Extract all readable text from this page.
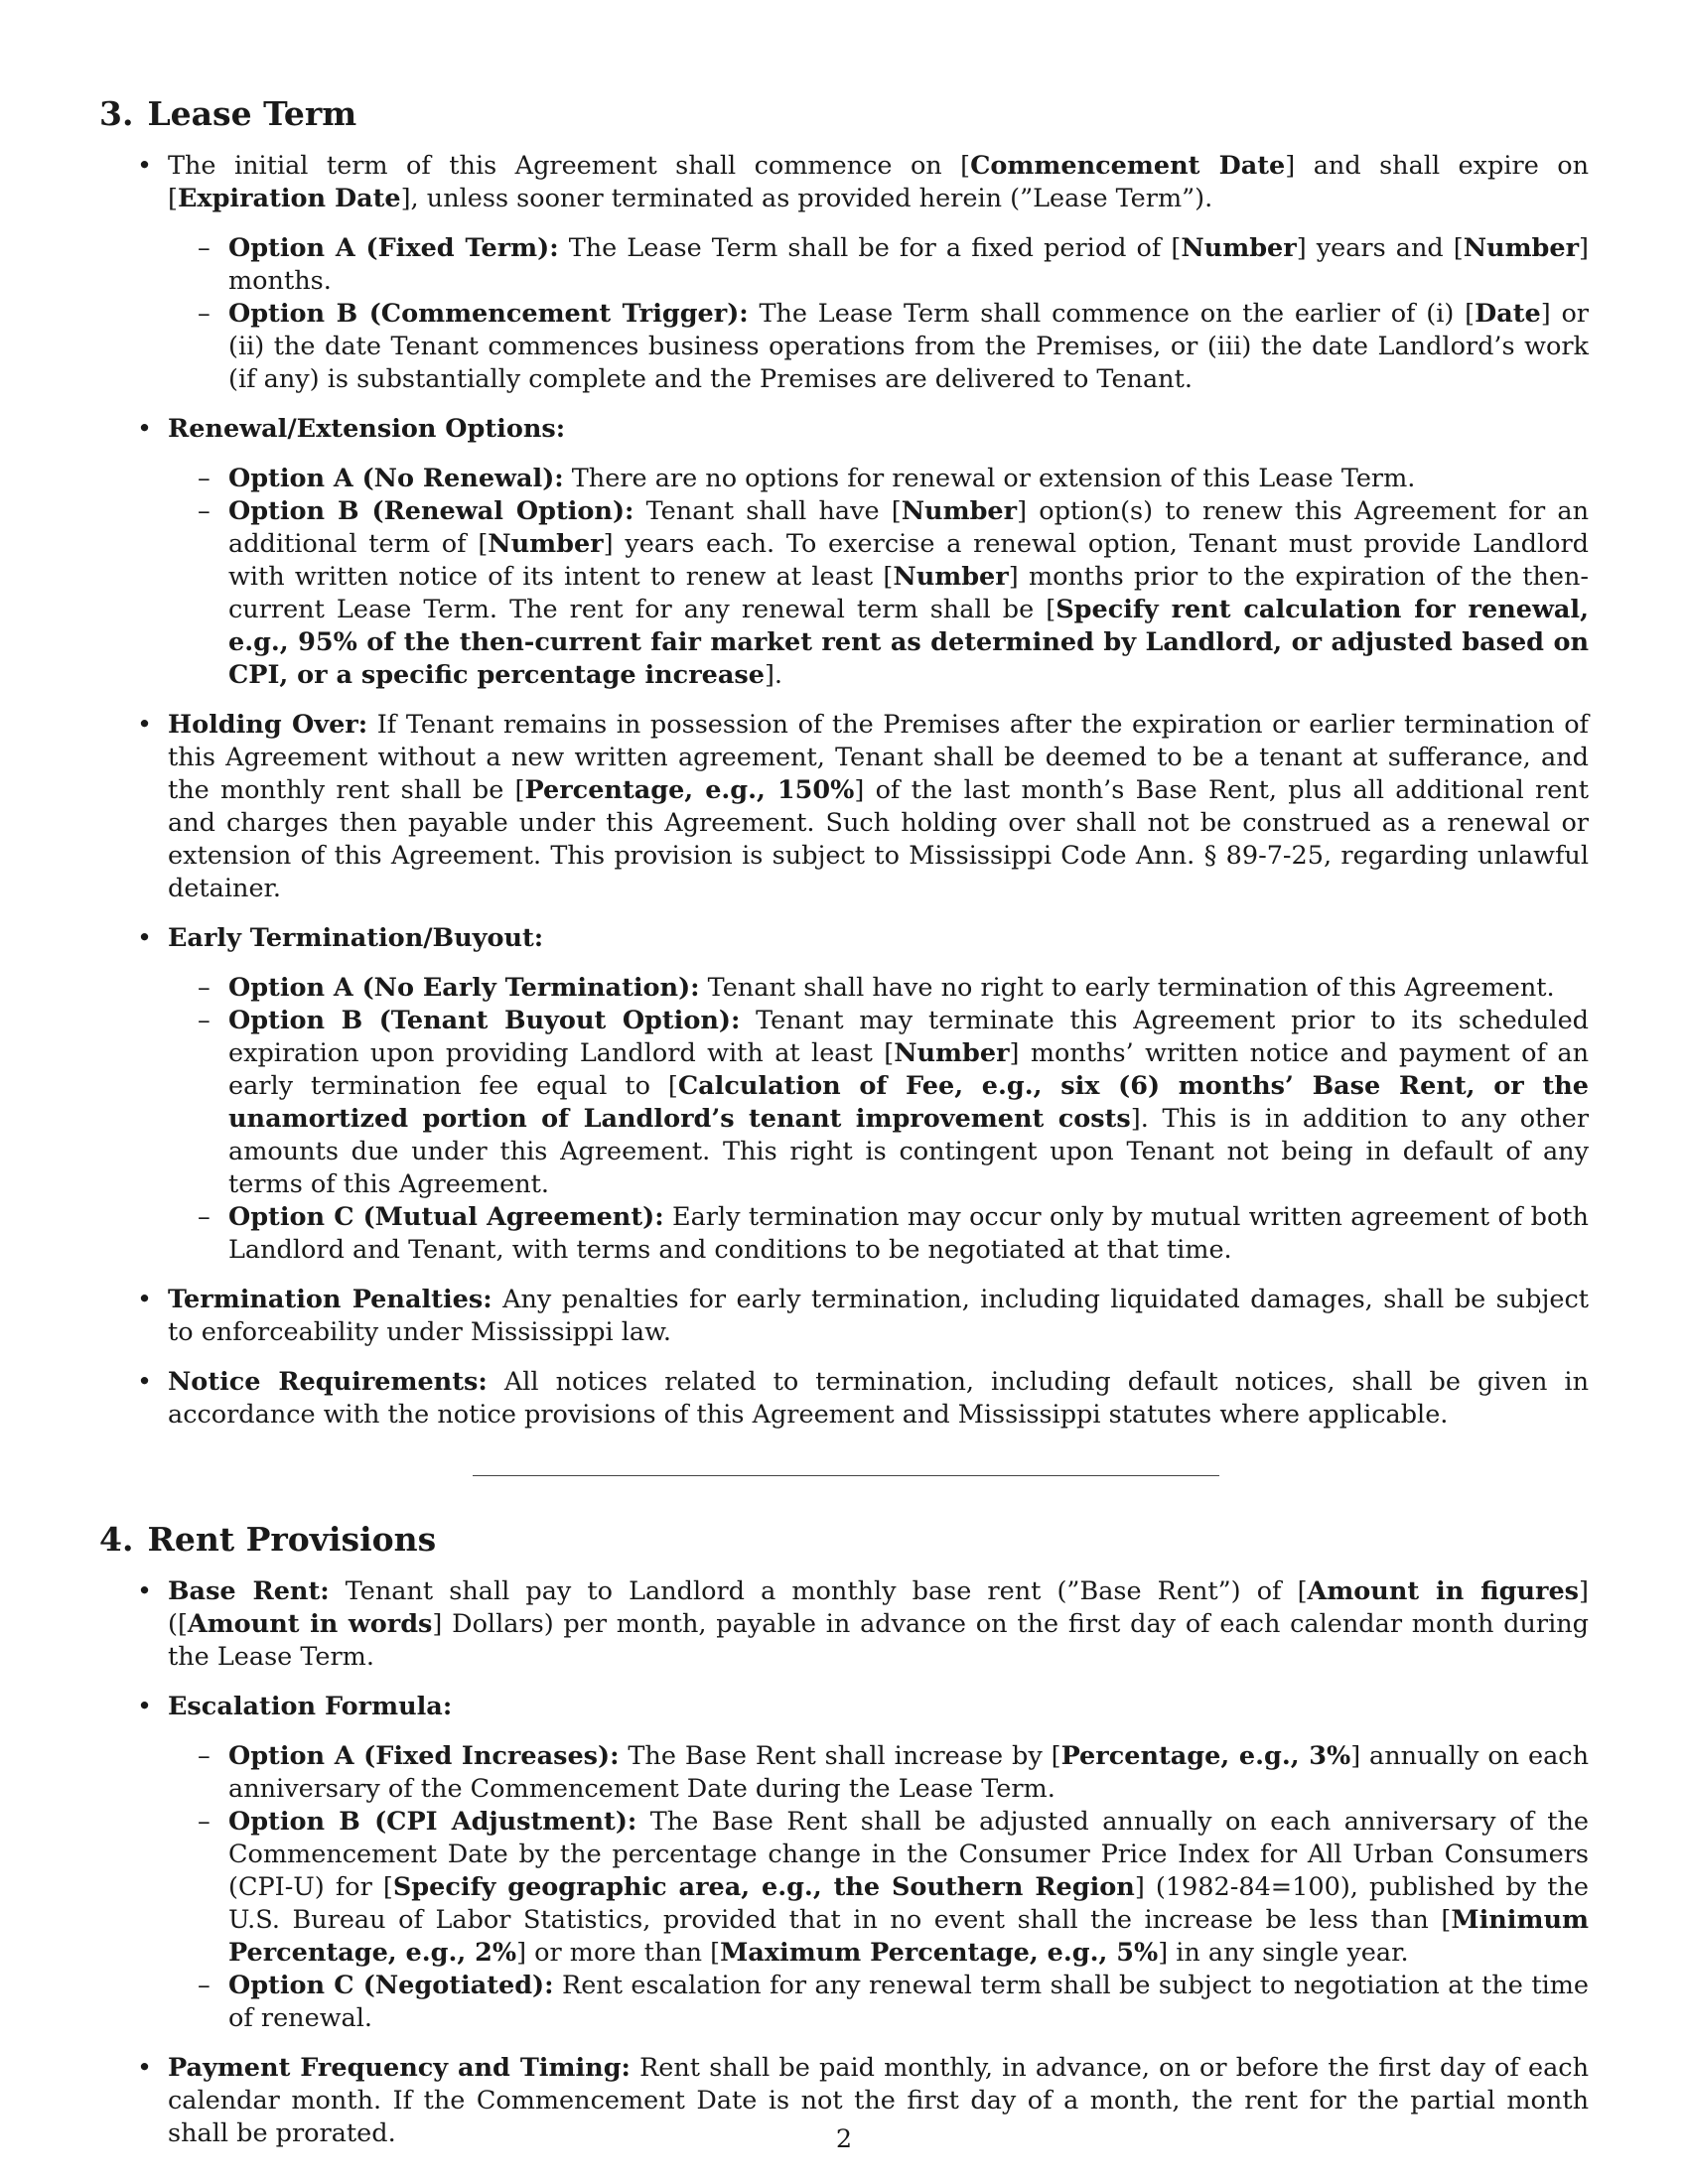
3. Lease Term
• The initial term of this Agreement shall commence on [Commencement Date] and shall expire on [Expiration Date], unless sooner terminated as provided herein (”Lease Term”).
– Option A (Fixed Term): The Lease Term shall be for a fixed period of [Number] years and [Number] months.
– Option B (Commencement Trigger): The Lease Term shall commence on the earlier of (i) [Date] or (ii) the date Tenant commences business operations from the Premises, or (iii) the date Landlord’s work (if any) is substantially complete and the Premises are delivered to Tenant.
• Renewal/Extension Options:
– Option A (No Renewal): There are no options for renewal or extension of this Lease Term.
– Option B (Renewal Option): Tenant shall have [Number] option(s) to renew this Agreement for an additional term of [Number] years each. To exercise a renewal option, Tenant must provide Landlord with written notice of its intent to renew at least [Number] months prior to the expiration of the then-current Lease Term. The rent for any renewal term shall be [Specify rent calculation for renewal, e.g., 95% of the then-current fair market rent as determined by Landlord, or adjusted based on CPI, or a specific percentage increase].
• Holding Over: If Tenant remains in possession of the Premises after the expiration or earlier termination of this Agreement without a new written agreement, Tenant shall be deemed to be a tenant at sufferance, and the monthly rent shall be [Percentage, e.g., 150%] of the last month’s Base Rent, plus all additional rent and charges then payable under this Agreement. Such holding over shall not be construed as a renewal or extension of this Agreement. This provision is subject to Mississippi Code Ann. § 89-7-25, regarding unlawful detainer.
• Early Termination/Buyout:
– Option A (No Early Termination): Tenant shall have no right to early termination of this Agreement.
– Option B (Tenant Buyout Option): Tenant may terminate this Agreement prior to its scheduled expiration upon providing Landlord with at least [Number] months’ written notice and payment of an early termination fee equal to [Calculation of Fee, e.g., six (6) months’ Base Rent, or the unamortized portion of Landlord’s tenant improvement costs]. This is in addition to any other amounts due under this Agreement. This right is contingent upon Tenant not being in default of any terms of this Agreement.
– Option C (Mutual Agreement): Early termination may occur only by mutual written agreement of both Landlord and Tenant, with terms and conditions to be negotiated at that time.
• Termination Penalties: Any penalties for early termination, including liquidated damages, shall be subject to enforceability under Mississippi law.
• Notice Requirements: All notices related to termination, including default notices, shall be given in accordance with the notice provisions of this Agreement and Mississippi statutes where applicable.
4. Rent Provisions
• Base Rent: Tenant shall pay to Landlord a monthly base rent (”Base Rent”) of [Amount in figures] ([Amount in words] Dollars) per month, payable in advance on the first day of each calendar month during the Lease Term.
• Escalation Formula:
– Option A (Fixed Increases): The Base Rent shall increase by [Percentage, e.g., 3%] annually on each anniversary of the Commencement Date during the Lease Term.
– Option B (CPI Adjustment): The Base Rent shall be adjusted annually on each anniversary of the Commencement Date by the percentage change in the Consumer Price Index for All Urban Consumers (CPI-U) for [Specify geographic area, e.g., the Southern Region] (1982-84=100), published by the U.S. Bureau of Labor Statistics, provided that in no event shall the increase be less than [Minimum Percentage, e.g., 2%] or more than [Maximum Percentage, e.g., 5%] in any single year.
– Option C (Negotiated): Rent escalation for any renewal term shall be subject to negotiation at the time of renewal.
• Payment Frequency and Timing: Rent shall be paid monthly, in advance, on or before the first day of each calendar month. If the Commencement Date is not the first day of a month, the rent for the partial month shall be prorated.	2
